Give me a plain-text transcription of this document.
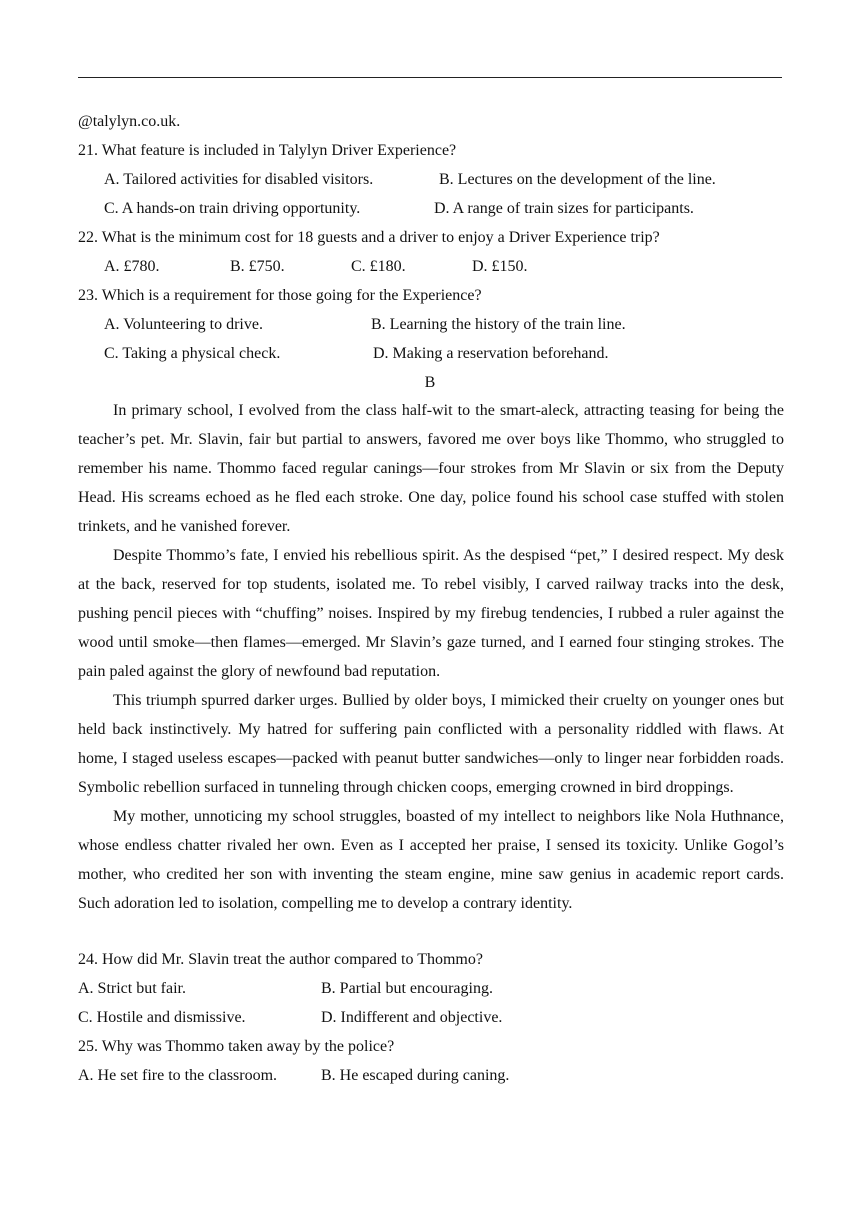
@talylyn.co.uk.
21. What feature is included in Talylyn Driver Experience?
A. Tailored activities for disabled visitors.	B. Lectures on the development of the line.
C. A hands-on train driving opportunity.	D. A range of train sizes for participants.
22. What is the minimum cost for 18 guests and a driver to enjoy a Driver Experience trip?
A. £780.	B. £750.	C. £180.	D. £150.
23. Which is a requirement for those going for the Experience?
A. Volunteering to drive.	B. Learning the history of the train line.
C. Taking a physical check.	D. Making a reservation beforehand.
B

In primary school, I evolved from the class half-wit to the smart-aleck, attracting teasing for being the teacher’s pet. Mr. Slavin, fair but partial to answers, favored me over boys like Thommo, who struggled to remember his name. Thommo faced regular canings—four strokes from Mr Slavin or six from the Deputy Head. His screams echoed as he fled each stroke. One day, police found his school case stuffed with stolen trinkets, and he vanished forever.

Despite Thommo’s fate, I envied his rebellious spirit. As the despised “pet,” I desired respect. My desk at the back, reserved for top students, isolated me. To rebel visibly, I carved railway tracks into the desk, pushing pencil pieces with “chuffing” noises. Inspired by my firebug tendencies, I rubbed a ruler against the wood until smoke—then flames—emerged. Mr Slavin’s gaze turned, and I earned four stinging strokes. The pain paled against the glory of newfound bad reputation.

This triumph spurred darker urges. Bullied by older boys, I mimicked their cruelty on younger ones but held back instinctively. My hatred for suffering pain conflicted with a personality riddled with flaws. At home, I staged useless escapes—packed with peanut butter sandwiches—only to linger near forbidden roads. Symbolic rebellion surfaced in tunneling through chicken coops, emerging crowned in bird droppings.

My mother, unnoticing my school struggles, boasted of my intellect to neighbors like Nola Huthnance, whose endless chatter rivaled her own. Even as I accepted her praise, I sensed its toxicity. Unlike Gogol’s mother, who credited her son with inventing the steam engine, mine saw genius in academic report cards. Such adoration led to isolation, compelling me to develop a contrary identity.

24. How did Mr. Slavin treat the author compared to Thommo?
A. Strict but fair.	B. Partial but encouraging.
C. Hostile and dismissive.	D. Indifferent and objective.
25. Why was Thommo taken away by the police?
A. He set fire to the classroom.	B. He escaped during caning.
